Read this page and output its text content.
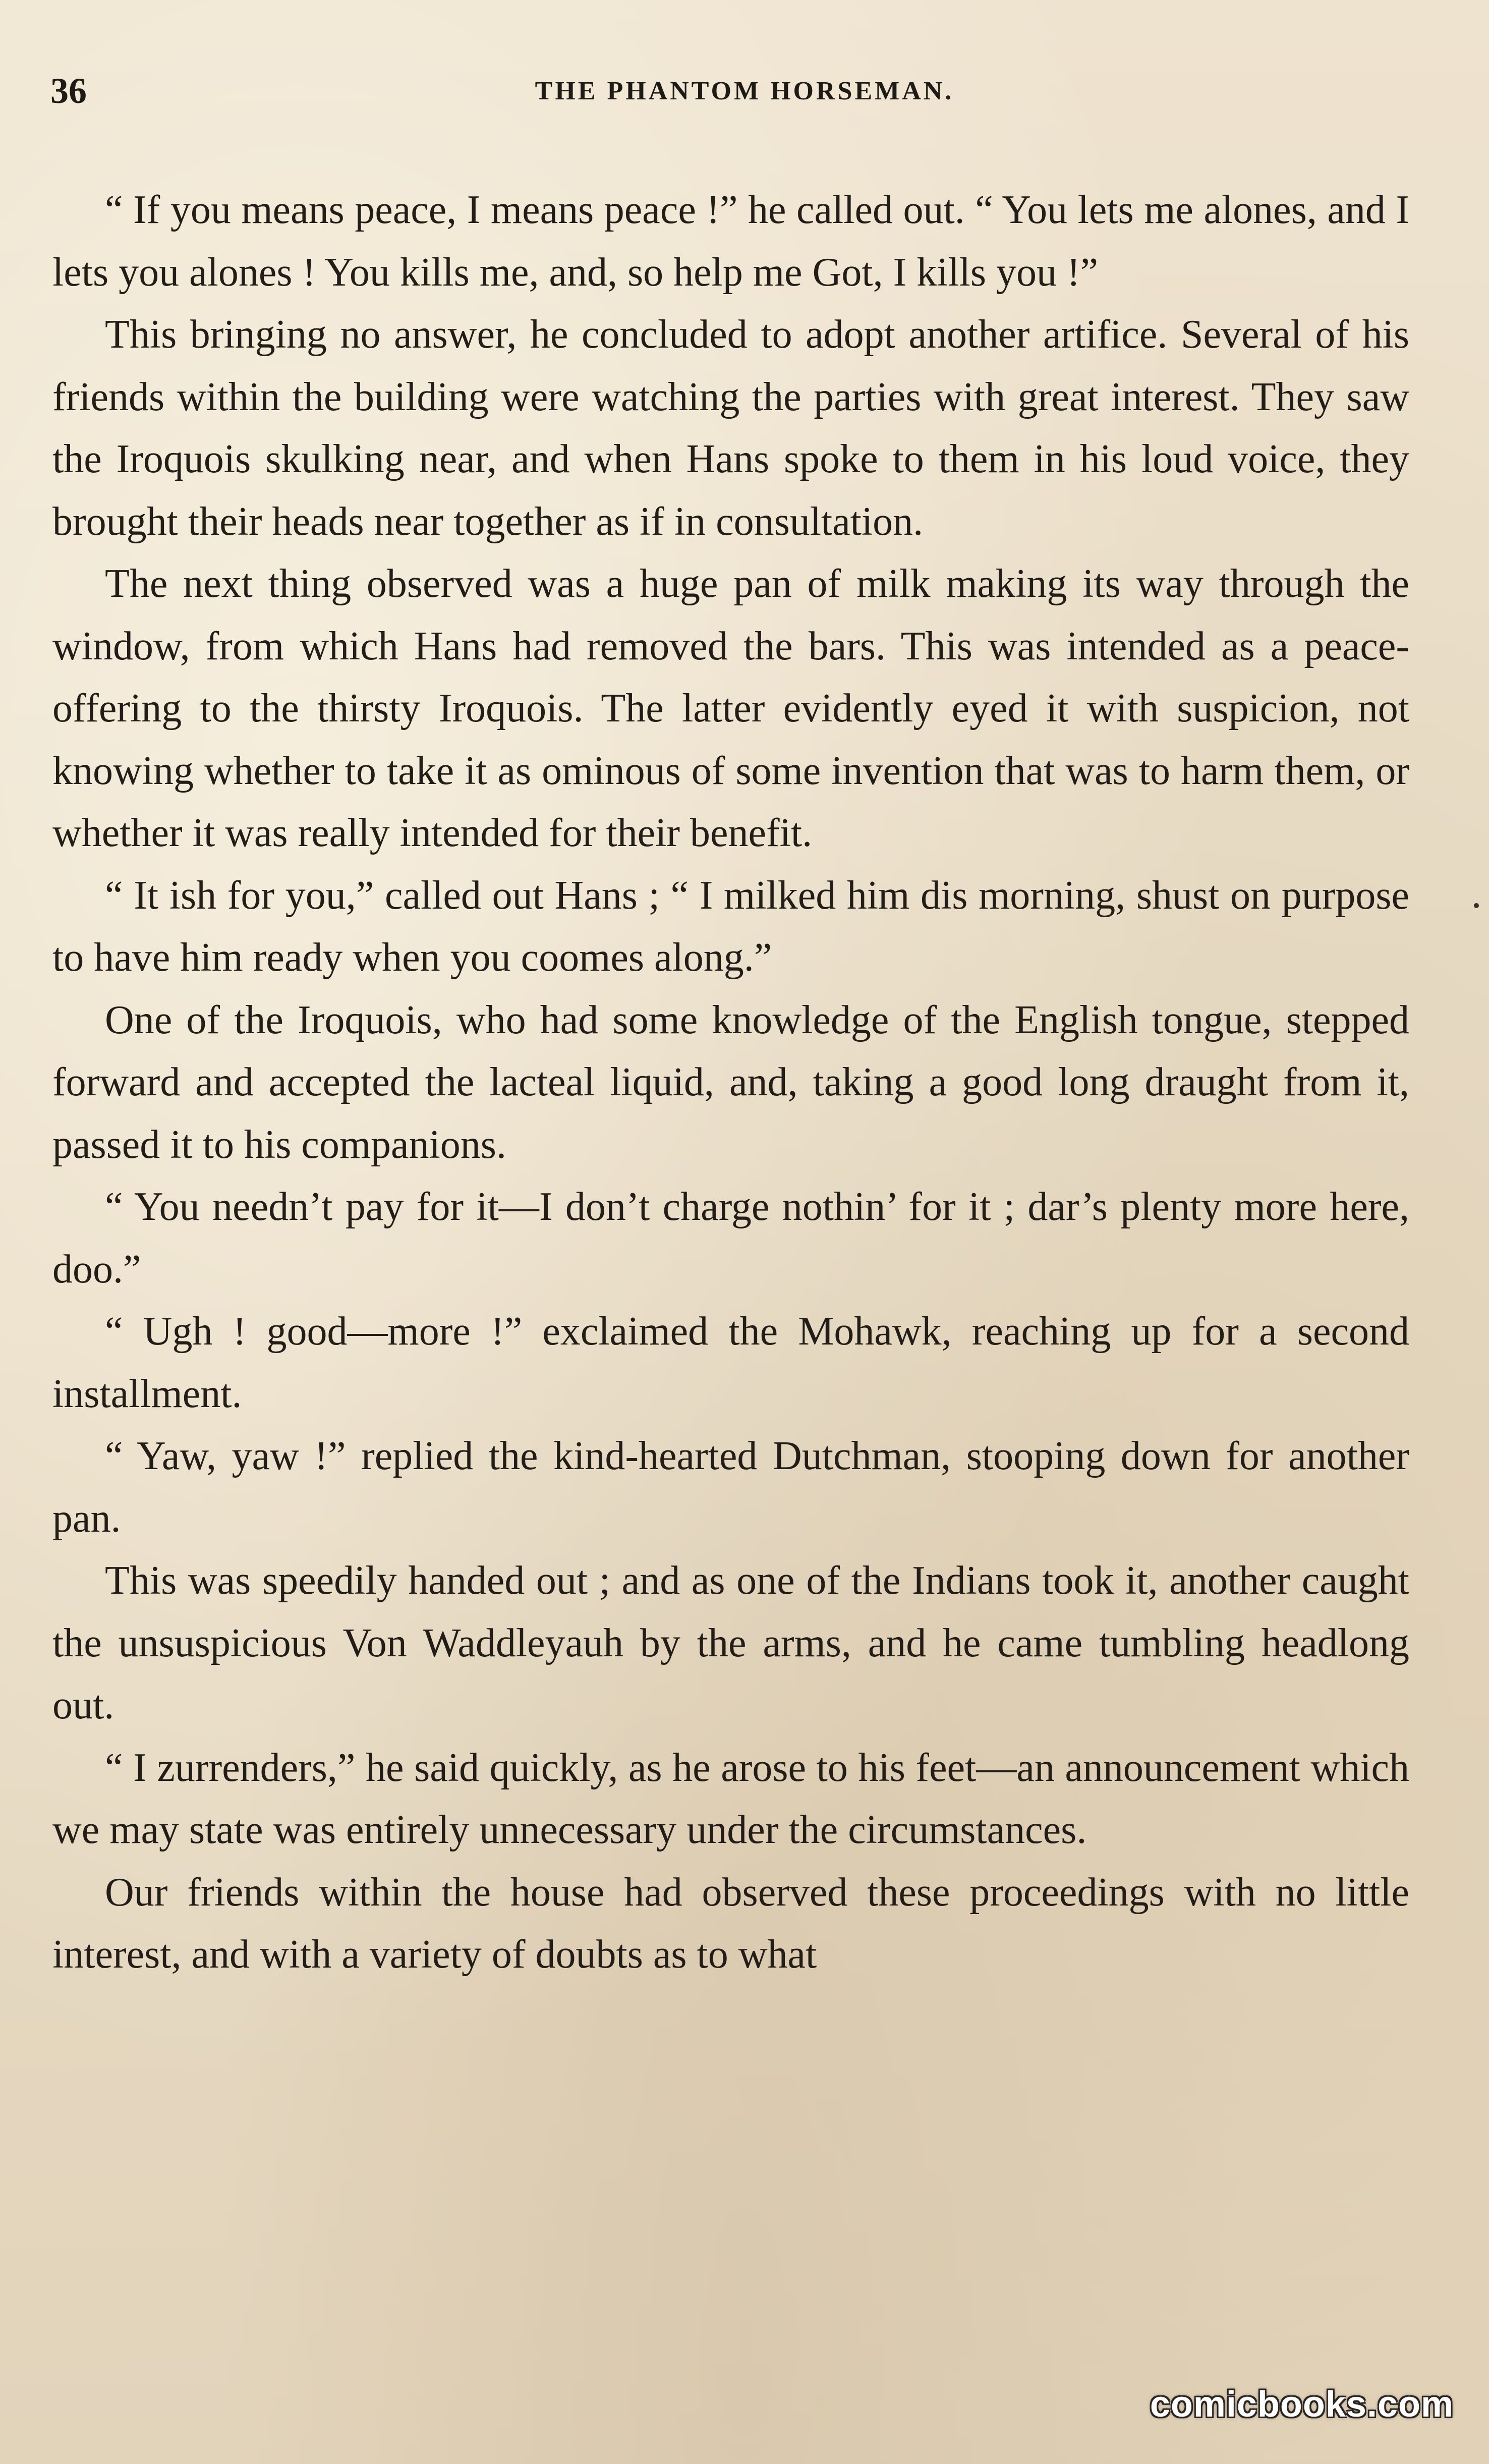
36	THE PHANTOM HORSEMAN.

“ If you means peace, I means peace !” he called out. “ You lets me alones, and I lets you alones ! You kills me, and, so help me Got, I kills you !”

This bringing no answer, he concluded to adopt another artifice. Several of his friends within the building were watching the parties with great interest. They saw the Iroquois skulking near, and when Hans spoke to them in his loud voice, they brought their heads near together as if in consultation.

The next thing observed was a huge pan of milk making its way through the window, from which Hans had removed the bars. This was intended as a peace-offering to the thirsty Iroquois. The latter evidently eyed it with suspicion, not knowing whether to take it as ominous of some invention that was to harm them, or whether it was really intended for their benefit.

“ It ish for you,” called out Hans ; “ I milked him dis morning, shust on purpose to have him ready when you coomes along.”

One of the Iroquois, who had some knowledge of the English tongue, stepped forward and accepted the lacteal liquid, and, taking a good long draught from it, passed it to his companions.

“ You needn’t pay for it—I don’t charge nothin’ for it ; dar’s plenty more here, doo.”

“ Ugh ! good—more !” exclaimed the Mohawk, reaching up for a second installment.

“ Yaw, yaw !” replied the kind-hearted Dutchman, stooping down for another pan.

This was speedily handed out ; and as one of the Indians took it, another caught the unsuspicious Von Waddleyauh by the arms, and he came tumbling headlong out.

“ I zurrenders,” he said quickly, as he arose to his feet—an announcement which we may state was entirely unnecessary under the circumstances.

Our friends within the house had observed these proceedings with no little interest, and with a variety of doubts as to what

comicbooks.com
